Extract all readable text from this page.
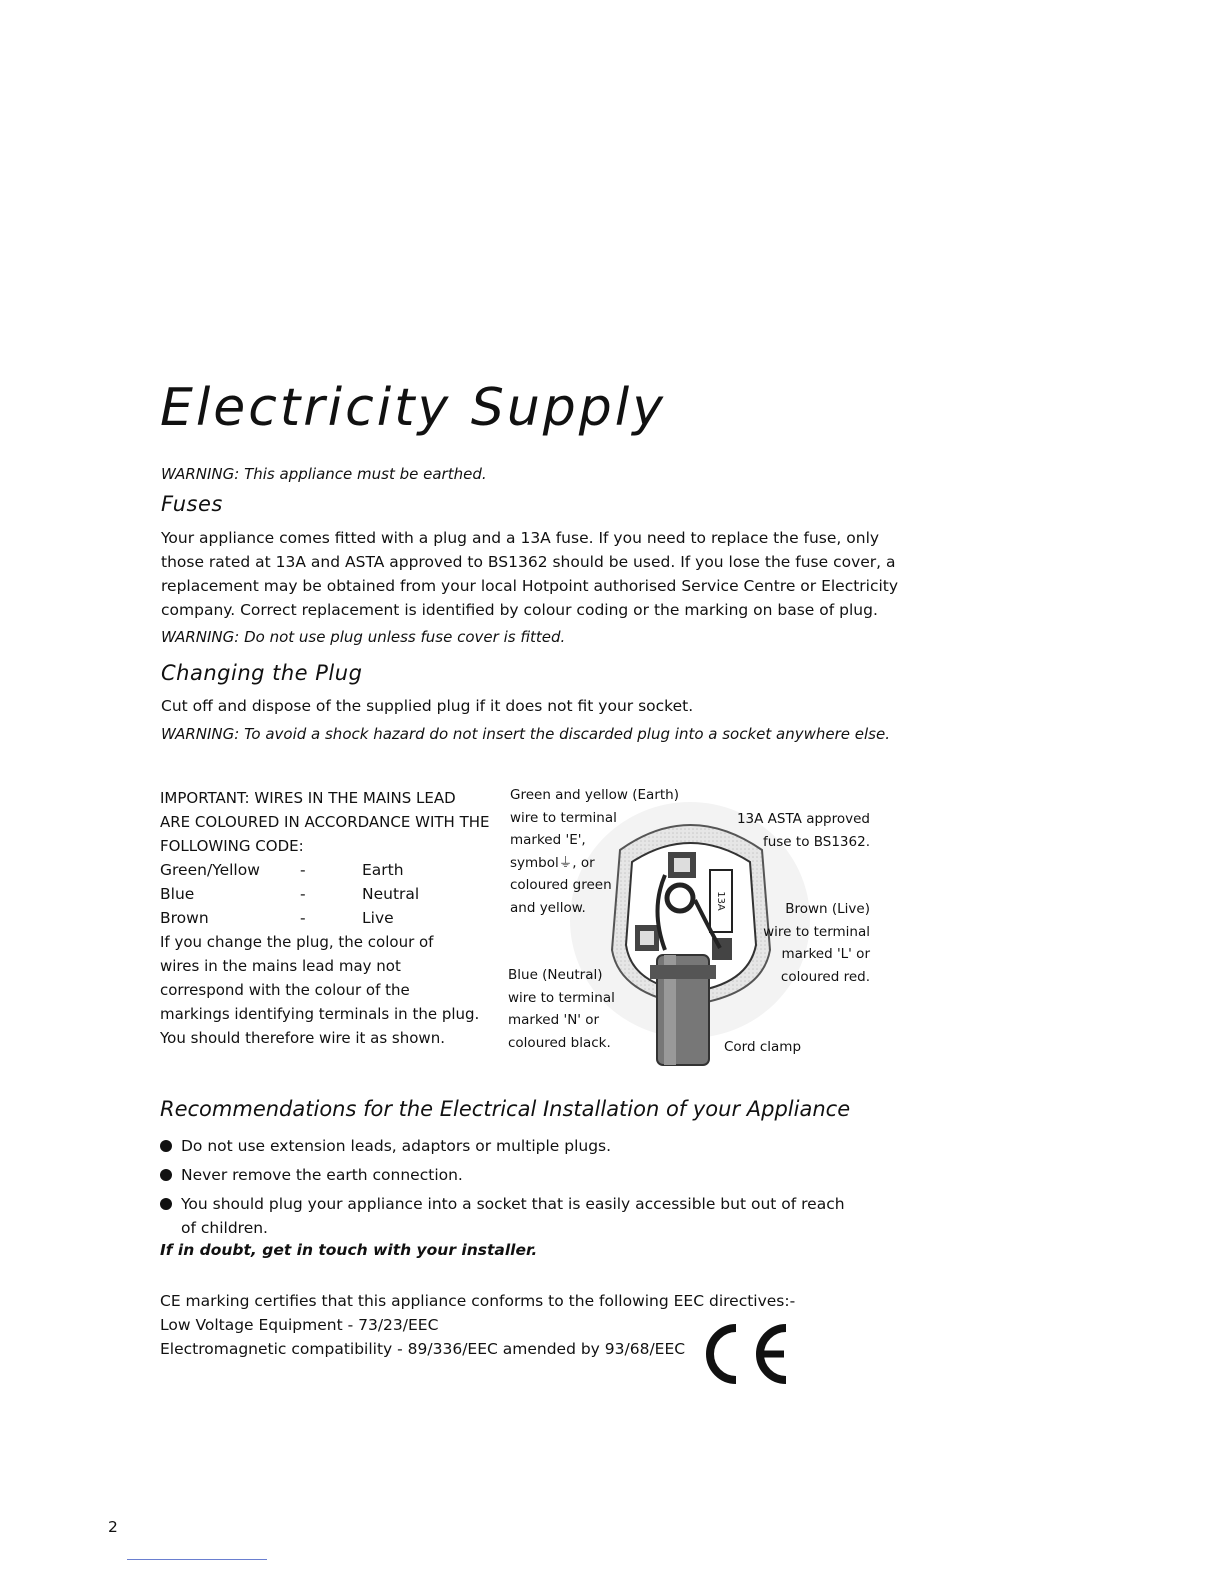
Electricity Supply
WARNING: This appliance must be earthed.
Fuses
Your appliance comes fitted with a plug and a 13A fuse. If you need to replace the fuse, only
those rated at 13A and ASTA approved to BS1362 should be used. If you lose the fuse cover, a
replacement may be obtained from your local Hotpoint authorised Service Centre or Electricity
company. Correct replacement is identified by colour coding or the marking on base of plug.
WARNING: Do not use plug unless fuse cover is fitted.
Changing the Plug
Cut off and dispose of the supplied plug if it does not fit your socket.
WARNING: To avoid a shock hazard do not insert the discarded plug into a socket anywhere else.
IMPORTANT: WIRES IN THE MAINS LEAD
ARE COLOURED IN ACCORDANCE WITH THE
FOLLOWING CODE:
Green/Yellow	-	Earth
Blue	-	Neutral
Brown	-	Live
If you change the plug, the colour of
wires in the mains lead may not
correspond with the colour of the
markings identifying terminals in the plug.
You should therefore wire it as shown.
13A
Green and yellow (Earth)
wire to terminal
marked 'E',
symbol⏚, or
coloured green
and yellow.
13A ASTA approved
fuse to BS1362.
Brown (Live)
wire to terminal
marked 'L' or
coloured red.
Blue (Neutral)
wire to terminal
marked 'N' or
coloured black.	Cord clamp
Recommendations for the Electrical Installation of your Appliance
Do not use extension leads, adaptors or multiple plugs.
Never remove the earth connection.
You should plug your appliance into a socket that is easily accessible but out of reach of children.
If in doubt, get in touch with your installer.
CE marking certifies that this appliance conforms to the following EEC directives:-
Low Voltage Equipment - 73/23/EEC
Electromagnetic compatibility - 89/336/EEC amended by 93/68/EEC
2
